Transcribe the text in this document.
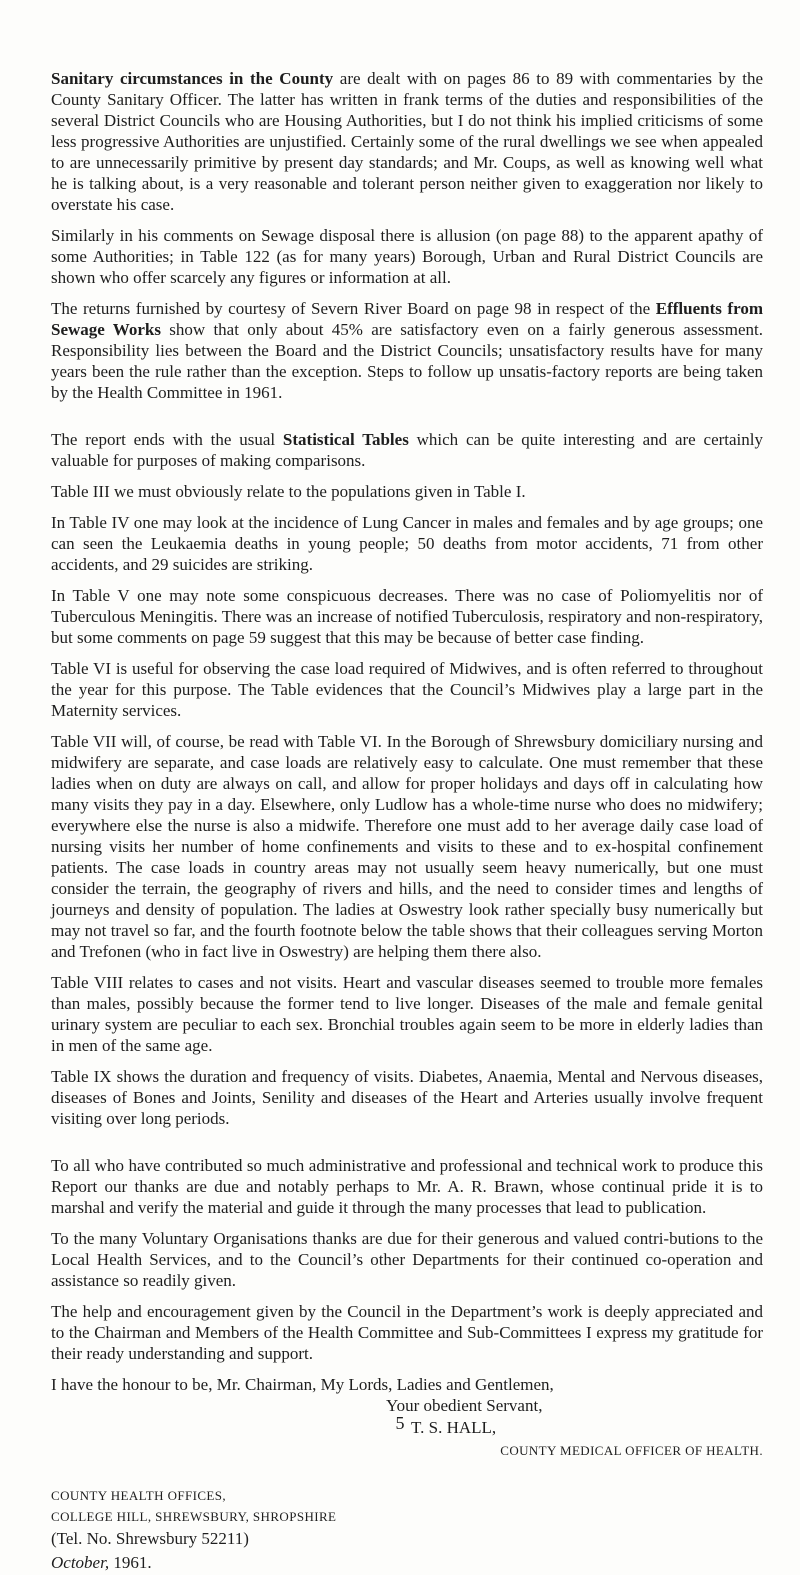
Sanitary circumstances in the County are dealt with on pages 86 to 89 with commentaries by the County Sanitary Officer. The latter has written in frank terms of the duties and responsibilities of the several District Councils who are Housing Authorities, but I do not think his implied criticisms of some less progressive Authorities are unjustified. Certainly some of the rural dwellings we see when appealed to are unnecessarily primitive by present day standards; and Mr. Coups, as well as knowing well what he is talking about, is a very reasonable and tolerant person neither given to exaggeration nor likely to overstate his case.

Similarly in his comments on Sewage disposal there is allusion (on page 88) to the apparent apathy of some Authorities; in Table 122 (as for many years) Borough, Urban and Rural District Councils are shown who offer scarcely any figures or information at all.

The returns furnished by courtesy of Severn River Board on page 98 in respect of the Effluents from Sewage Works show that only about 45% are satisfactory even on a fairly generous assessment. Responsibility lies between the Board and the District Councils; unsatisfactory results have for many years been the rule rather than the exception. Steps to follow up unsatis-factory reports are being taken by the Health Committee in 1961.

The report ends with the usual Statistical Tables which can be quite interesting and are certainly valuable for purposes of making comparisons.

Table III we must obviously relate to the populations given in Table I.

In Table IV one may look at the incidence of Lung Cancer in males and females and by age groups; one can seen the Leukaemia deaths in young people; 50 deaths from motor accidents, 71 from other accidents, and 29 suicides are striking.

In Table V one may note some conspicuous decreases. There was no case of Poliomyelitis nor of Tuberculous Meningitis. There was an increase of notified Tuberculosis, respiratory and non-respiratory, but some comments on page 59 suggest that this may be because of better case finding.

Table VI is useful for observing the case load required of Midwives, and is often referred to throughout the year for this purpose. The Table evidences that the Council’s Midwives play a large part in the Maternity services.

Table VII will, of course, be read with Table VI. In the Borough of Shrewsbury domiciliary nursing and midwifery are separate, and case loads are relatively easy to calculate. One must remember that these ladies when on duty are always on call, and allow for proper holidays and days off in calculating how many visits they pay in a day. Elsewhere, only Ludlow has a whole-time nurse who does no midwifery; everywhere else the nurse is also a midwife. Therefore one must add to her average daily case load of nursing visits her number of home confinements and visits to these and to ex-hospital confinement patients. The case loads in country areas may not usually seem heavy numerically, but one must consider the terrain, the geography of rivers and hills, and the need to consider times and lengths of journeys and density of population. The ladies at Oswestry look rather specially busy numerically but may not travel so far, and the fourth footnote below the table shows that their colleagues serving Morton and Trefonen (who in fact live in Oswestry) are helping them there also.

Table VIII relates to cases and not visits. Heart and vascular diseases seemed to trouble more females than males, possibly because the former tend to live longer. Diseases of the male and female genital urinary system are peculiar to each sex. Bronchial troubles again seem to be more in elderly ladies than in men of the same age.

Table IX shows the duration and frequency of visits. Diabetes, Anaemia, Mental and Nervous diseases, diseases of Bones and Joints, Senility and diseases of the Heart and Arteries usually involve frequent visiting over long periods.

To all who have contributed so much administrative and professional and technical work to produce this Report our thanks are due and notably perhaps to Mr. A. R. Brawn, whose continual pride it is to marshal and verify the material and guide it through the many processes that lead to publication.

To the many Voluntary Organisations thanks are due for their generous and valued contri-butions to the Local Health Services, and to the Council’s other Departments for their continued co-operation and assistance so readily given.

The help and encouragement given by the Council in the Department’s work is deeply appreciated and to the Chairman and Members of the Health Committee and Sub-Committees I express my gratitude for their ready understanding and support.

I have the honour to be, Mr. Chairman, My Lords, Ladies and Gentlemen,

Your obedient Servant,
T. S. HALL,
COUNTY MEDICAL OFFICER OF HEALTH.
COUNTY HEALTH OFFICES,
COLLEGE HILL, SHREWSBURY, SHROPSHIRE
(Tel. No. Shrewsbury 52211)
October, 1961.
5
